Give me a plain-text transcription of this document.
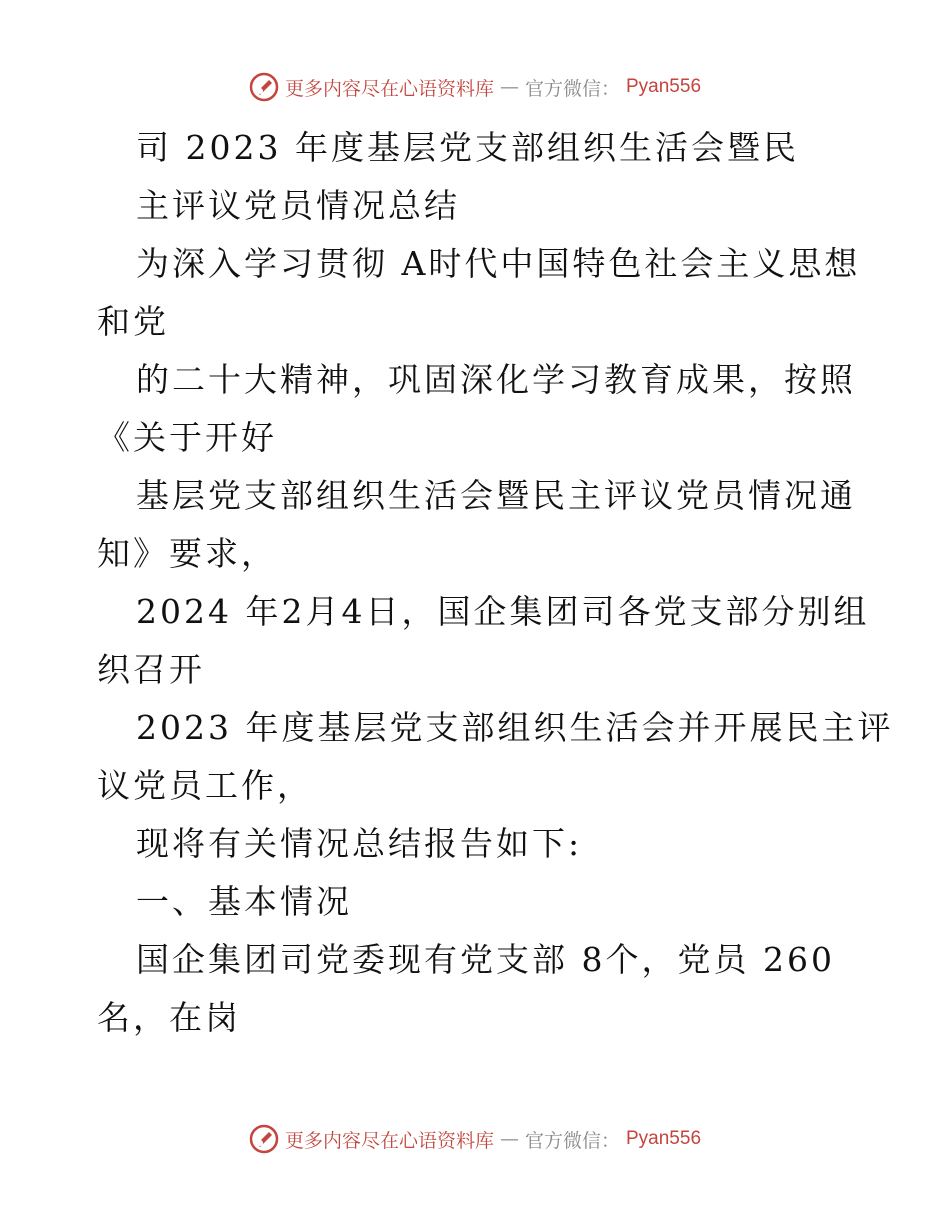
更多内容尽在心语资料库 — 官方微信： Pyan556
司 2023 年度基层党支部组织生活会暨民
主评议党员情况总结
为深入学习贯彻 A时代中国特色社会主义思想
和党
的二十大精神，巩固深化学习教育成果，按照
《关于开好
基层党支部组织生活会暨民主评议党员情况通
知》要求，
2024 年2月4日，国企集团司各党支部分别组
织召开
2023 年度基层党支部组织生活会并开展民主评
议党员工作，
现将有关情况总结报告如下:
一、基本情况
国企集团司党委现有党支部 8个，党员 260
名，在岗
更多内容尽在心语资料库 — 官方微信： Pyan556
